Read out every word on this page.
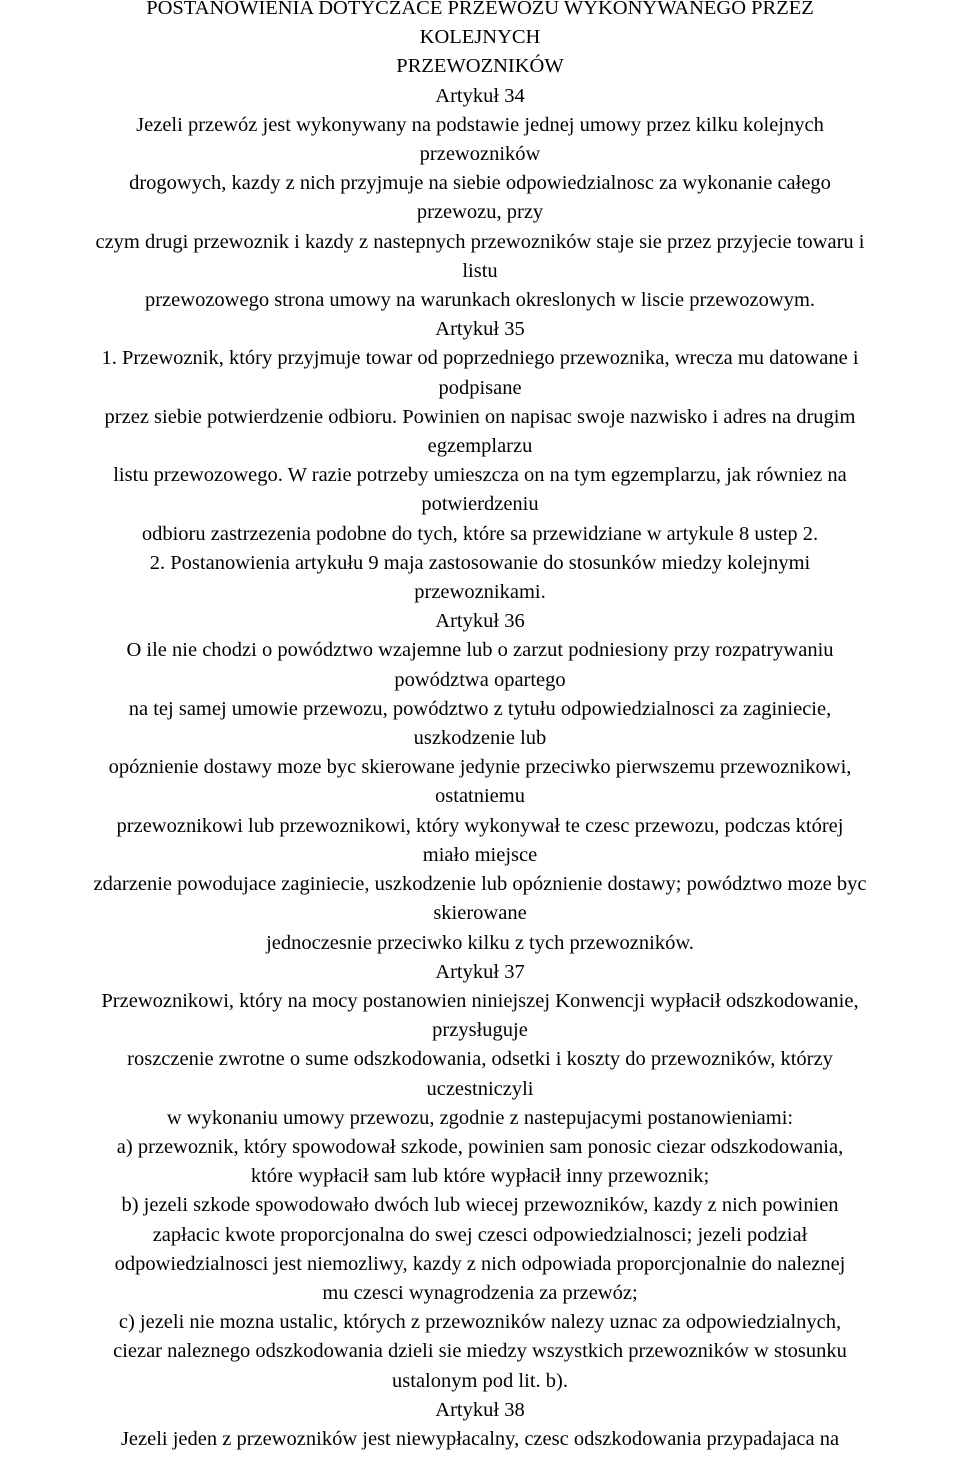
POSTANOWIENIA DOTYCZACE PRZEWOZU WYKONYWANEGO PRZEZ
KOLEJNYCH
PRZEWOZNIKÓW
Artykuł 34
Jezeli przewóz jest wykonywany na podstawie jednej umowy przez kilku kolejnych
przewozników
drogowych, kazdy z nich przyjmuje na siebie odpowiedzialnosc za wykonanie całego
przewozu, przy
czym drugi przewoznik i kazdy z nastepnych przewozników staje sie przez przyjecie towaru i
listu
przewozowego strona umowy na warunkach okreslonych w liscie przewozowym.
Artykuł 35
1. Przewoznik, który przyjmuje towar od poprzedniego przewoznika, wrecza mu datowane i
podpisane
przez siebie potwierdzenie odbioru. Powinien on napisac swoje nazwisko i adres na drugim
egzemplarzu
listu przewozowego. W razie potrzeby umieszcza on na tym egzemplarzu, jak równiez na
potwierdzeniu
odbioru zastrzezenia podobne do tych, które sa przewidziane w artykule 8 ustep 2.
2. Postanowienia artykułu 9 maja zastosowanie do stosunków miedzy kolejnymi
przewoznikami.
Artykuł 36
O ile nie chodzi o powództwo wzajemne lub o zarzut podniesiony przy rozpatrywaniu
powództwa opartego
na tej samej umowie przewozu, powództwo z tytułu odpowiedzialnosci za zaginiecie,
uszkodzenie lub
opóznienie dostawy moze byc skierowane jedynie przeciwko pierwszemu przewoznikowi,
ostatniemu
przewoznikowi lub przewoznikowi, który wykonywał te czesc przewozu, podczas której
miało miejsce
zdarzenie powodujace zaginiecie, uszkodzenie lub opóznienie dostawy; powództwo moze byc
skierowane
jednoczesnie przeciwko kilku z tych przewozników.
Artykuł 37
Przewoznikowi, który na mocy postanowien niniejszej Konwencji wypłacił odszkodowanie,
przysługuje
roszczenie zwrotne o sume odszkodowania, odsetki i koszty do przewozników, którzy
uczestniczyli
w wykonaniu umowy przewozu, zgodnie z nastepujacymi postanowieniami:
a) przewoznik, który spowodował szkode, powinien sam ponosic ciezar odszkodowania,
które wypłacił sam lub które wypłacił inny przewoznik;
b) jezeli szkode spowodowało dwóch lub wiecej przewozników, kazdy z nich powinien
zapłacic kwote proporcjonalna do swej czesci odpowiedzialnosci; jezeli podział
odpowiedzialnosci jest niemozliwy, kazdy z nich odpowiada proporcjonalnie do naleznej
mu czesci wynagrodzenia za przewóz;
c) jezeli nie mozna ustalic, których z przewozników nalezy uznac za odpowiedzialnych,
ciezar naleznego odszkodowania dzieli sie miedzy wszystkich przewozników w stosunku
ustalonym pod lit. b).
Artykuł 38
Jezeli jeden z przewozników jest niewypłacalny, czesc odszkodowania przypadajaca na
